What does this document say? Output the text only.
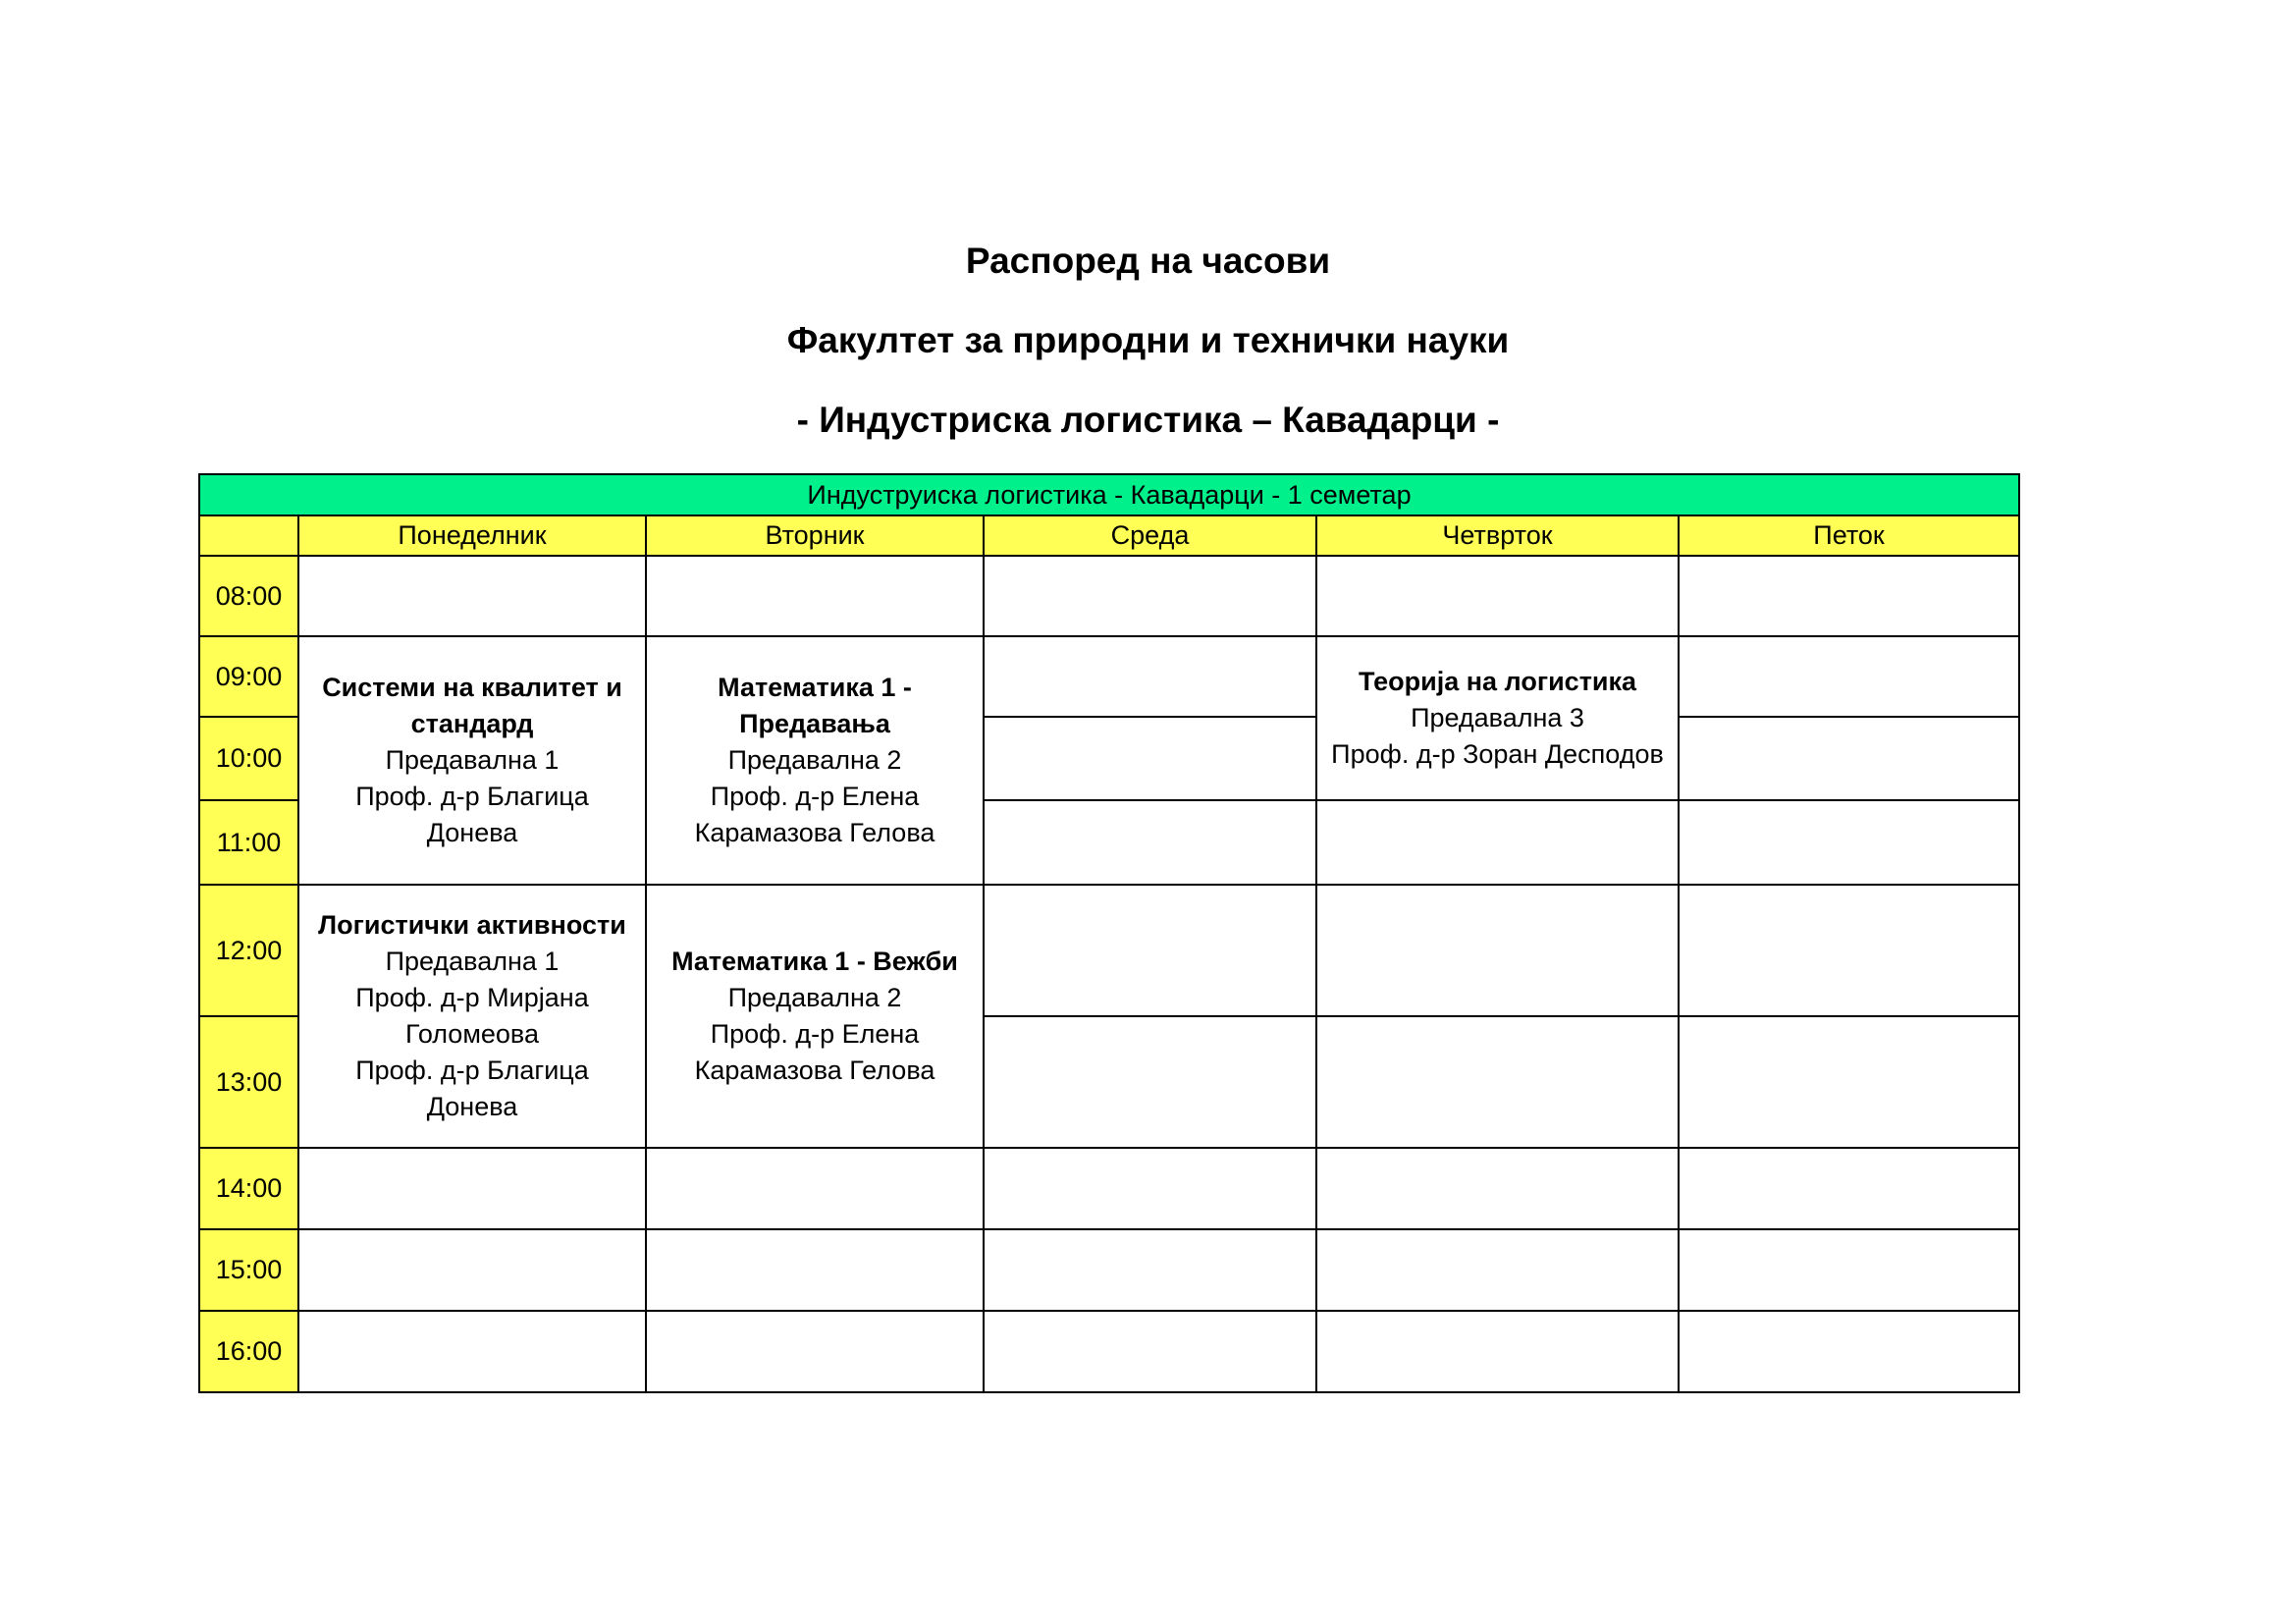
Распоред на часови
Факултет за природни и технички науки
- Индустриска логистика – Кавадарци -
Индуструиска логистика - Кавадарци - 1 семетар					
	Понеделник	Вторник	Среда	Четврток	Петок
08:00					
09:00	Системи на квалитет и стандард
Предавална 1
Проф. д-р Благица Донева	Математика 1 - Предавања
Предавална 2
Проф. д-р Елена Карамазова Гелова		Теорија на логистика
Предавална 3
Проф. д-р Зоран Десподов	

10:00					
11:00					
12:00	Логистички активности
Предавална 1
Проф. д-р Мирјана Голомеова
Проф. д-р Благица Донева	Математика 1 - Вежби
Предавална 2
Проф. д-р Елена Карамазова Гелова			

13:00					
14:00					
15:00					
16:00					
